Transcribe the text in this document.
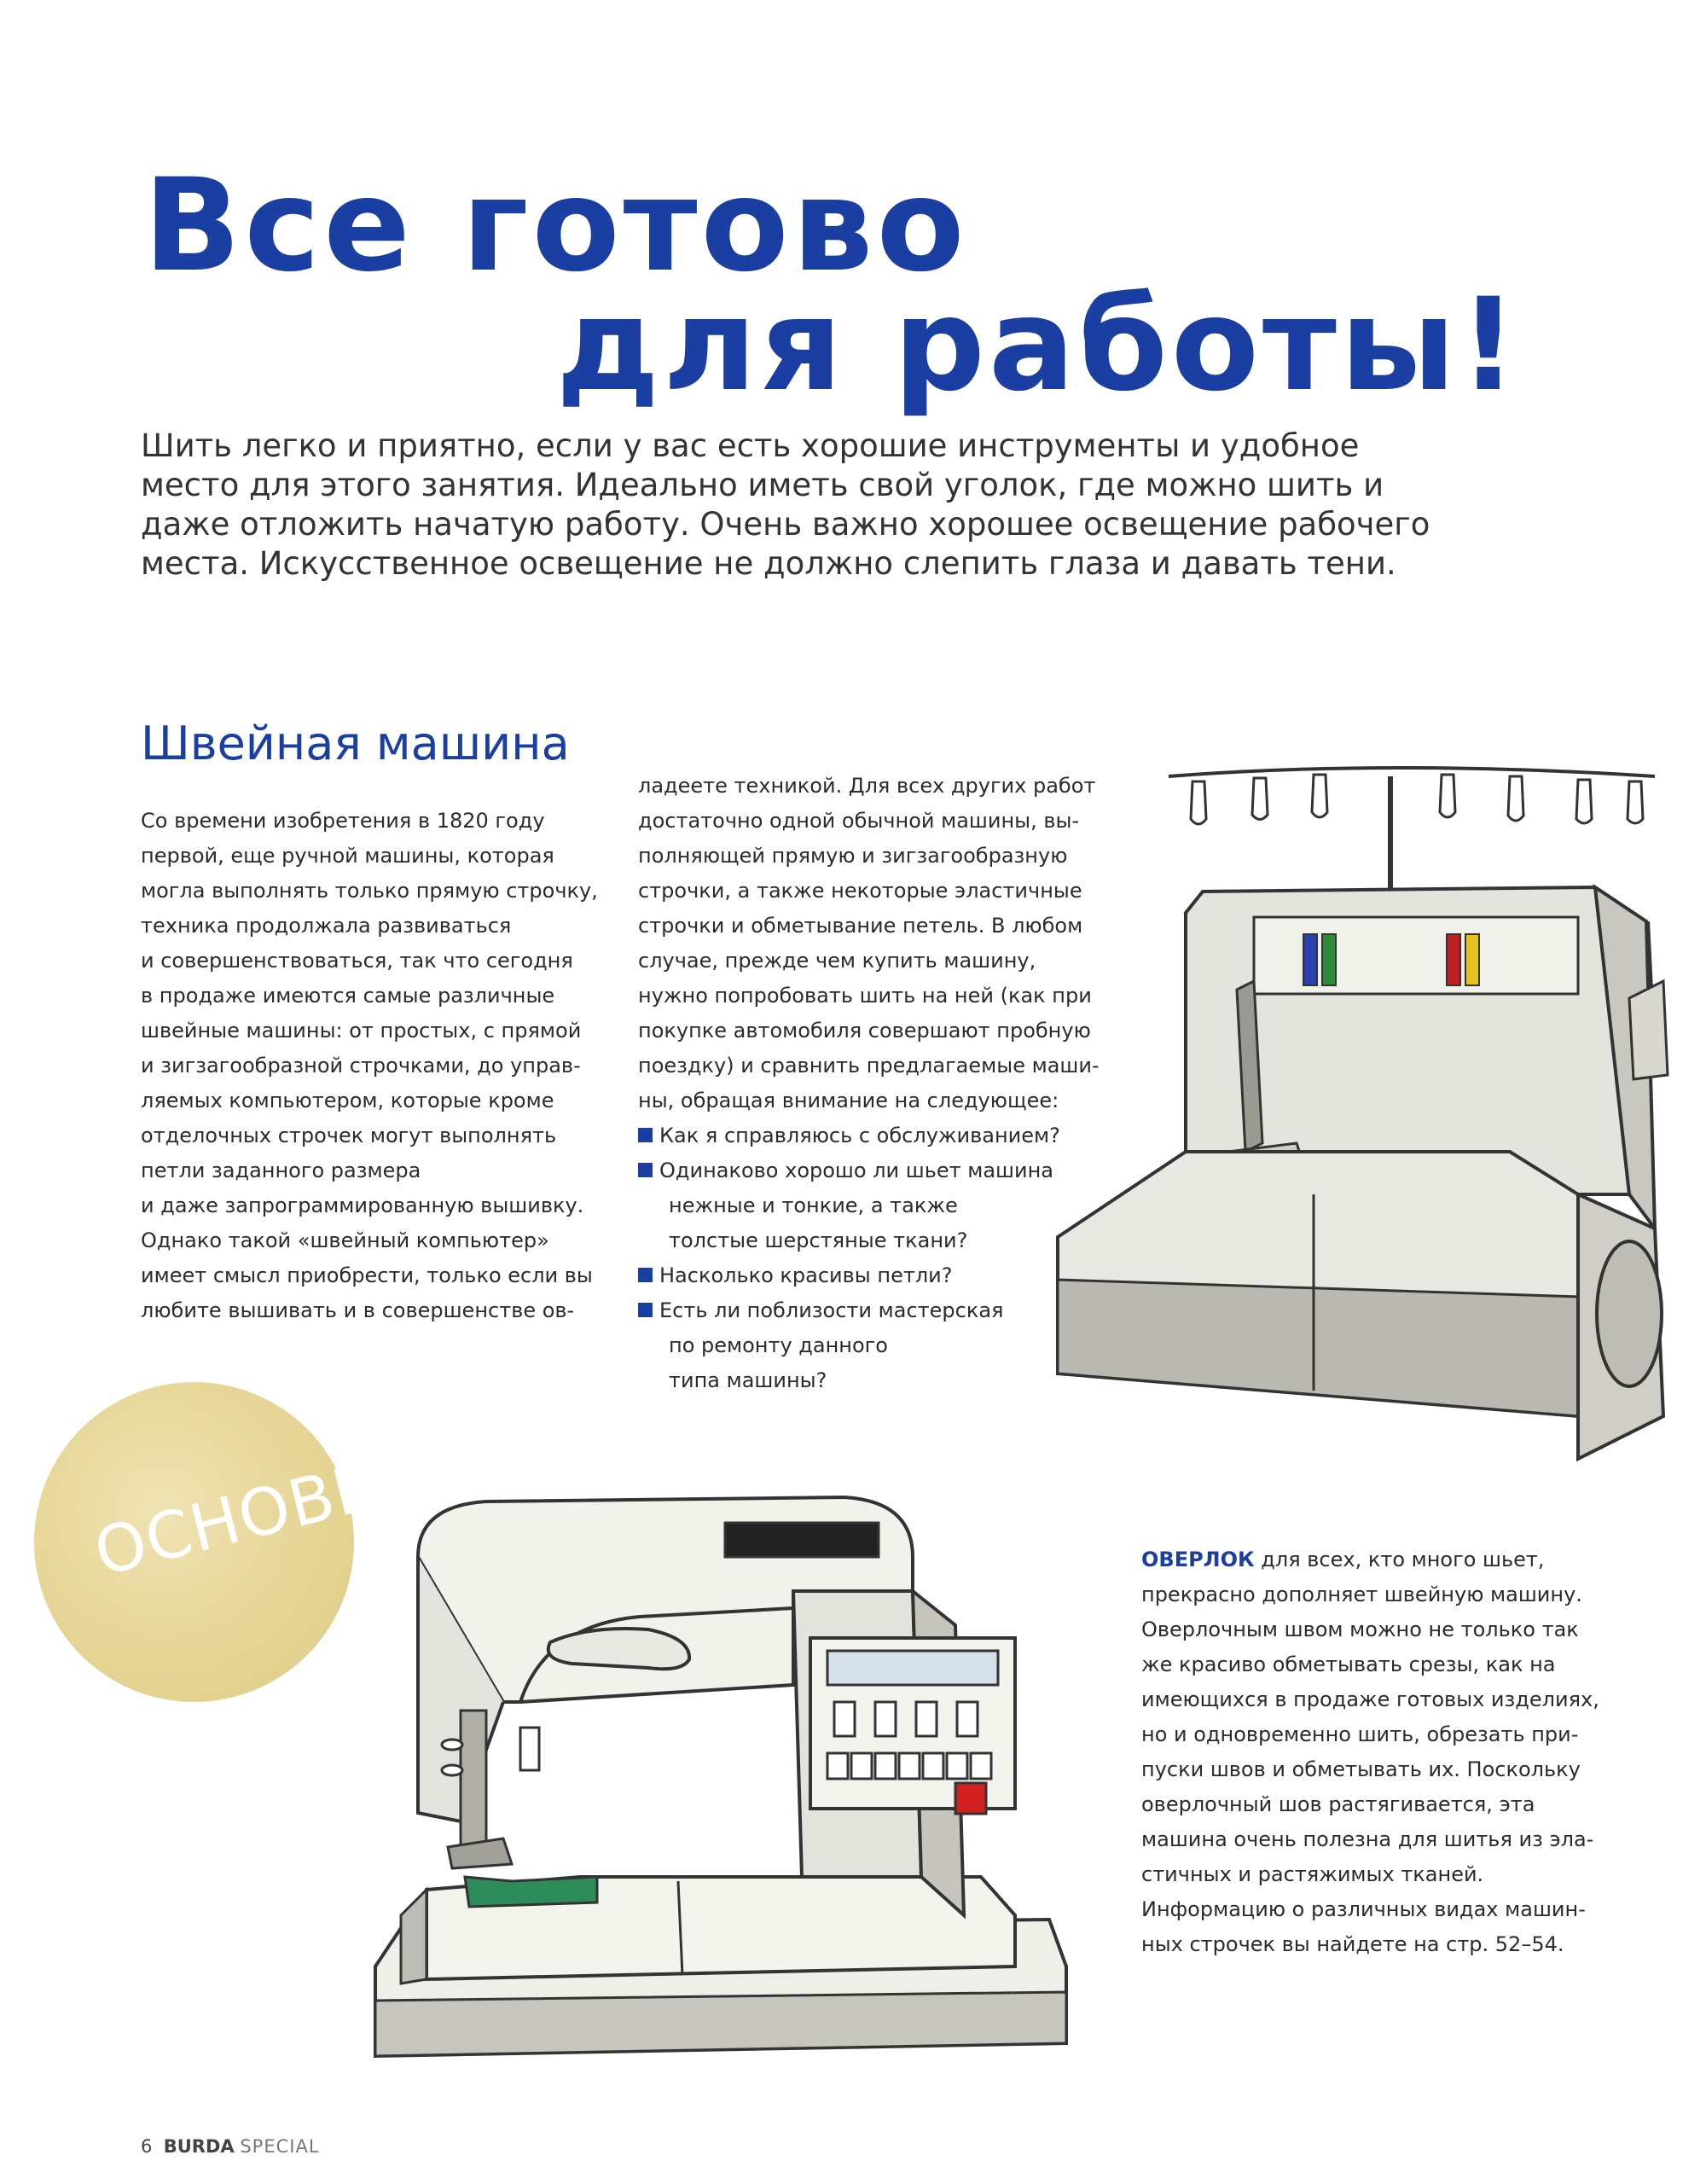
Все готово
для работы!

Шить легко и приятно, если у вас есть хорошие инструменты и удобное

место для этого занятия. Идеально иметь свой уголок, где можно шить и

даже отложить начатую работу. Очень важно хорошее освещение рабочего

места. Искусственное освещение не должно слепить глаза и давать тени.

Швейная машина

Со времени изобретения в 1820 году

первой, еще ручной машины, которая

могла выполнять только прямую строчку,

техника продолжала развиваться

и совершенствоваться, так что сегодня

в продаже имеются самые различные

швейные машины: от простых, с прямой

и зигзагообразной строчками, до управ-

ляемых компьютером, которые кроме

отделочных строчек могут выполнять

петли заданного размера

и даже запрограммированную вышивку.

Однако такой «швейный компьютер»

имеет смысл приобрести, только если вы

любите вышивать и в совершенстве ов-

ладеете техникой. Для всех других работ

достаточно одной обычной машины, вы-

полняющей прямую и зигзагообразную

строчки, а также некоторые эластичные

строчки и обметывание петель. В любом

случае, прежде чем купить машину,

нужно попробовать шить на ней (как при

покупке автомобиля совершают пробную

поездку) и сравнить предлагаемые маши-

ны, обращая внимание на следующее:

Как я справляюсь с обслуживанием?

Одинаково хорошо ли шьет машина

нежные и тонкие, а также

толстые шерстяные ткани?

Насколько красивы петли?

Есть ли поблизости мастерская

по ремонту данного

типа машины?

ОСНОВЫ	ОВЕРЛОК для всех, кто много шьет,

прекрасно дополняет швейную машину.

Оверлочным швом можно не только так

же красиво обметывать срезы, как на

имеющихся в продаже готовых изделиях,

но и одновременно шить, обрезать при-

пуски швов и обметывать их. Поскольку

оверлочный шов растягивается, эта

машина очень полезна для шитья из эла-

стичных и растяжимых тканей.

Информацию о различных видах машин-

ных строчек вы найдете на стр. 52–54.

6 BURDA SPECIAL
